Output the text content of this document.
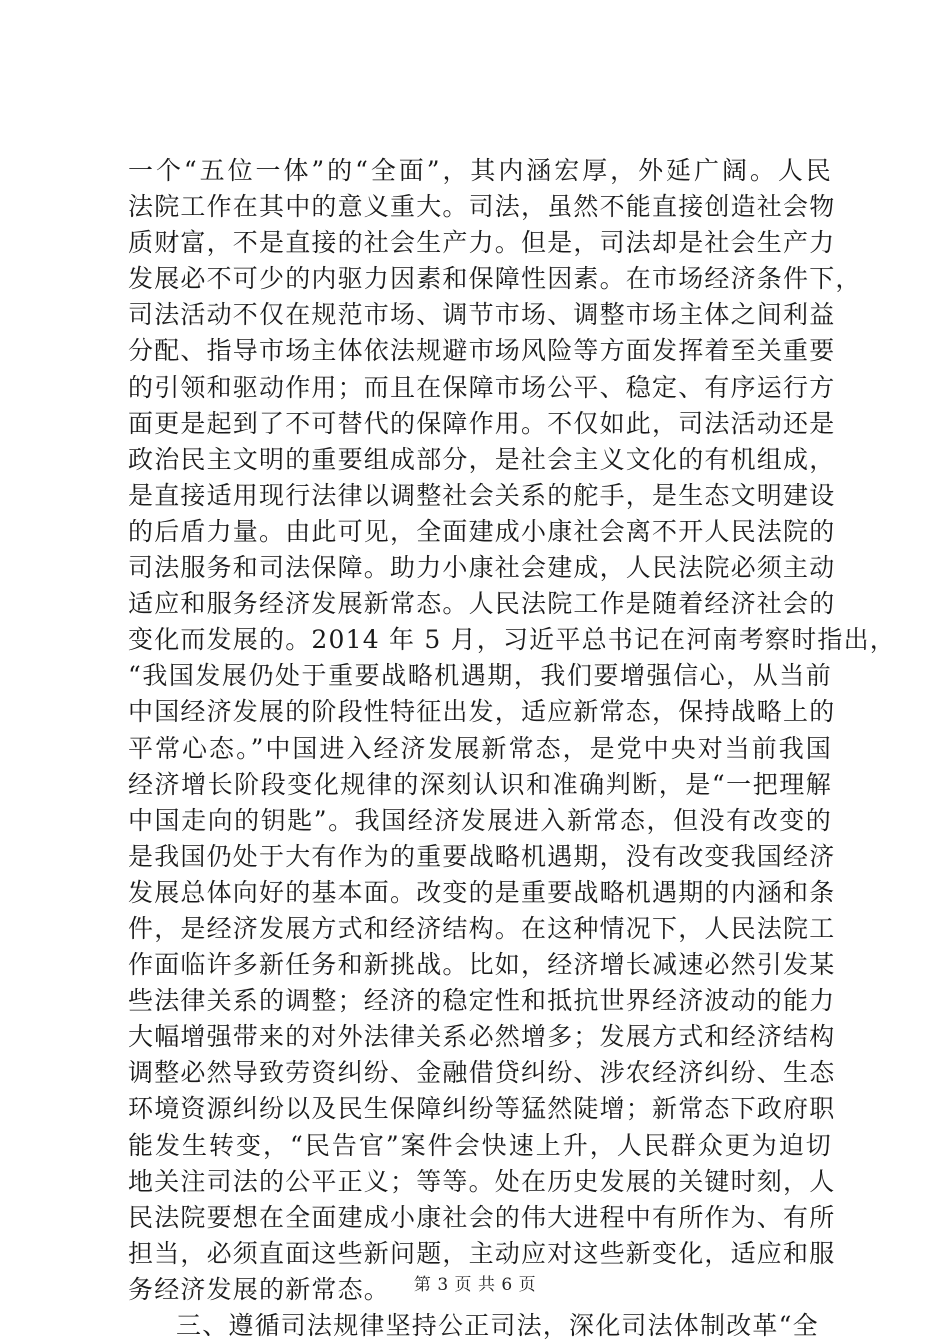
一个“五位一体”的“全面”，其内涵宏厚，外延广阔。人民
法院工作在其中的意义重大。司法，虽然不能直接创造社会物
质财富，不是直接的社会生产力。但是，司法却是社会生产力
发展必不可少的内驱力因素和保障性因素。在市场经济条件下，
司法活动不仅在规范市场、调节市场、调整市场主体之间利益
分配、指导市场主体依法规避市场风险等方面发挥着至关重要
的引领和驱动作用；而且在保障市场公平、稳定、有序运行方
面更是起到了不可替代的保障作用。不仅如此，司法活动还是
政治民主文明的重要组成部分，是社会主义文化的有机组成，
是直接适用现行法律以调整社会关系的舵手，是生态文明建设
的后盾力量。由此可见，全面建成小康社会离不开人民法院的
司法服务和司法保障。助力小康社会建成，人民法院必须主动
适应和服务经济发展新常态。人民法院工作是随着经济社会的
变化而发展的。2014 年 5 月，习近平总书记在河南考察时指出，
“我国发展仍处于重要战略机遇期，我们要增强信心，从当前
中国经济发展的阶段性特征出发，适应新常态，保持战略上的
平常心态。”中国进入经济发展新常态，是党中央对当前我国
经济增长阶段变化规律的深刻认识和准确判断，是“一把理解
中国走向的钥匙”。我国经济发展进入新常态，但没有改变的
是我国仍处于大有作为的重要战略机遇期，没有改变我国经济
发展总体向好的基本面。改变的是重要战略机遇期的内涵和条
件，是经济发展方式和经济结构。在这种情况下，人民法院工
作面临许多新任务和新挑战。比如，经济增长减速必然引发某
些法律关系的调整；经济的稳定性和抵抗世界经济波动的能力
大幅增强带来的对外法律关系必然增多；发展方式和经济结构
调整必然导致劳资纠纷、金融借贷纠纷、涉农经济纠纷、生态
环境资源纠纷以及民生保障纠纷等猛然陡增；新常态下政府职
能发生转变，“民告官”案件会快速上升，人民群众更为迫切
地关注司法的公平正义；等等。处在历史发展的关键时刻，人
民法院要想在全面建成小康社会的伟大进程中有所作为、有所
担当，必须直面这些新问题，主动应对这些新变化，适应和服
务经济发展的新常态。
三、遵循司法规律坚持公正司法，深化司法体制改革“全
第 3 页 共 6 页
